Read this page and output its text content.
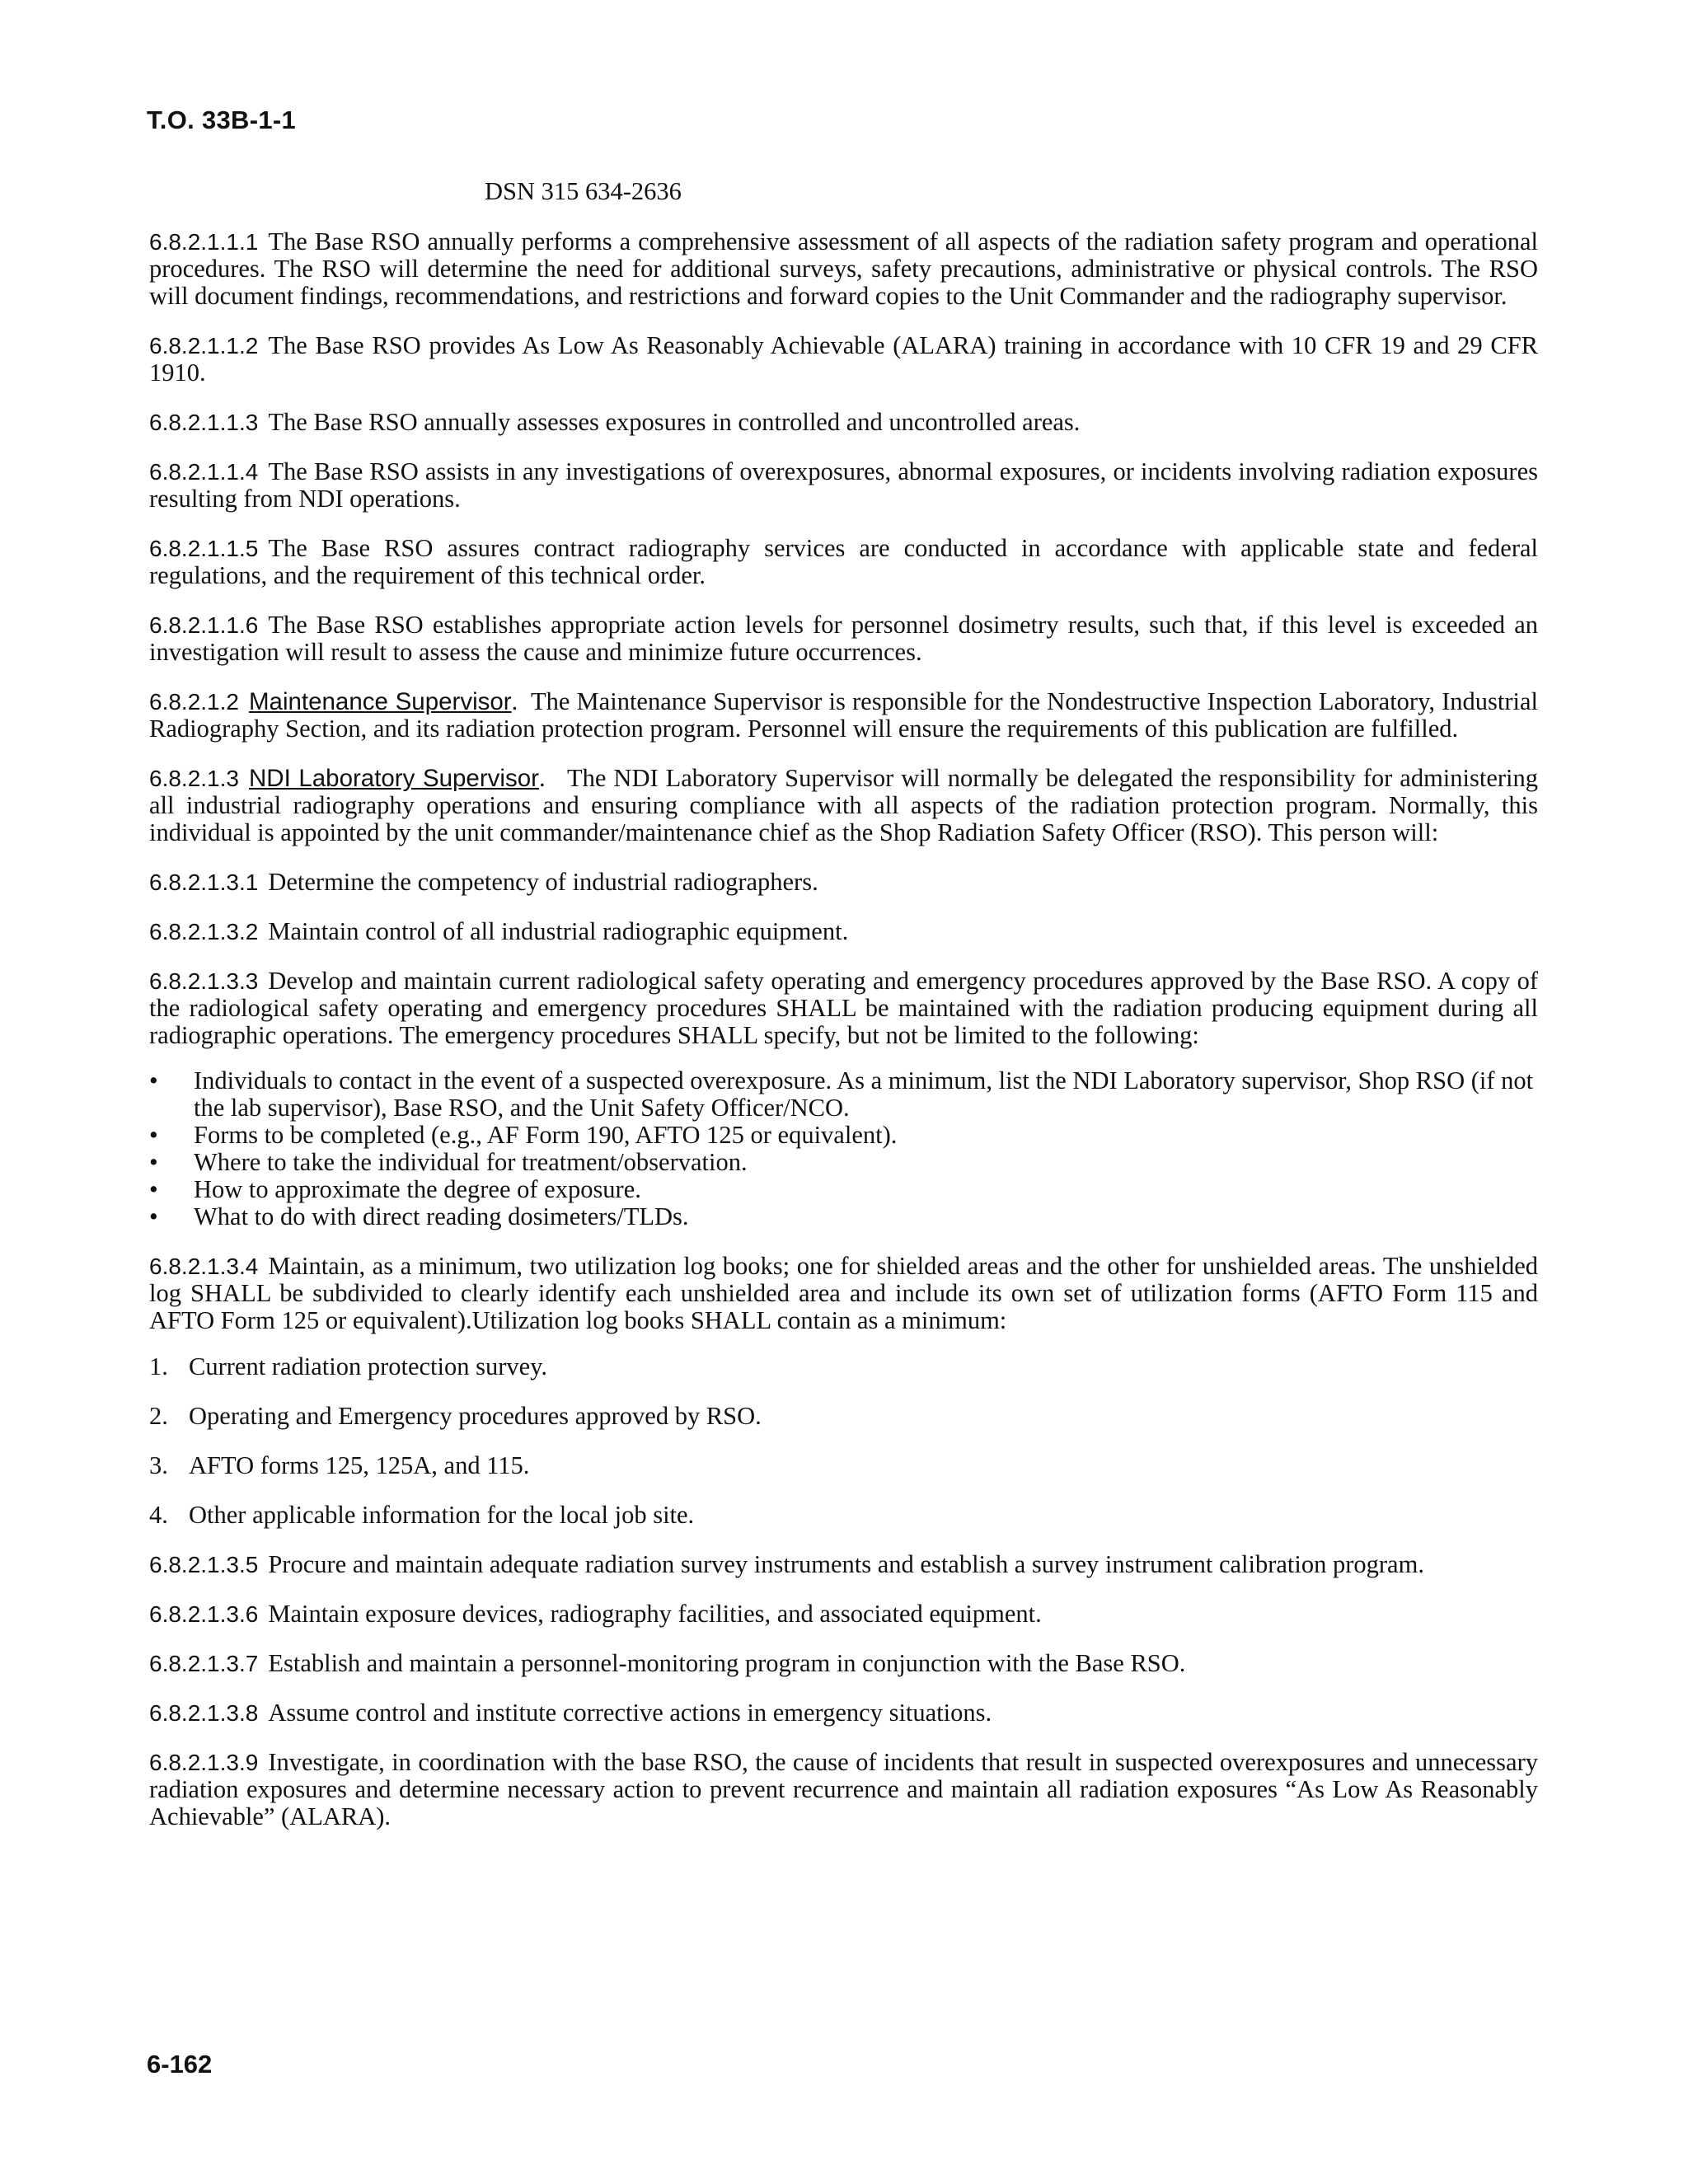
T.O. 33B-1-1
DSN 315 634-2636

6.8.2.1.1.1 The Base RSO annually performs a comprehensive assessment of all aspects of the radiation safety program and operational procedures. The RSO will determine the need for additional surveys, safety precautions, administrative or physical controls. The RSO will document findings, recommendations, and restrictions and forward copies to the Unit Commander and the radiography supervisor.

6.8.2.1.1.2 The Base RSO provides As Low As Reasonably Achievable (ALARA) training in accordance with 10 CFR 19 and 29 CFR 1910.

6.8.2.1.1.3 The Base RSO annually assesses exposures in controlled and uncontrolled areas.

6.8.2.1.1.4 The Base RSO assists in any investigations of overexposures, abnormal exposures, or incidents involving radiation exposures resulting from NDI operations.

6.8.2.1.1.5 The Base RSO assures contract radiography services are conducted in accordance with applicable state and federal regulations, and the requirement of this technical order.

6.8.2.1.1.6 The Base RSO establishes appropriate action levels for personnel dosimetry results, such that, if this level is exceeded an investigation will result to assess the cause and minimize future occurrences.

6.8.2.1.2 Maintenance Supervisor.  The Maintenance Supervisor is responsible for the Nondestructive Inspection Laboratory, Industrial Radiography Section, and its radiation protection program. Personnel will ensure the requirements of this publication are fulfilled.

6.8.2.1.3 NDI Laboratory Supervisor.   The NDI Laboratory Supervisor will normally be delegated the responsibility for administering all industrial radiography operations and ensuring compliance with all aspects of the radiation protection program. Normally, this individual is appointed by the unit commander/maintenance chief as the Shop Radiation Safety Officer (RSO). This person will:

6.8.2.1.3.1 Determine the competency of industrial radiographers.

6.8.2.1.3.2 Maintain control of all industrial radiographic equipment.

6.8.2.1.3.3 Develop and maintain current radiological safety operating and emergency procedures approved by the Base RSO. A copy of the radiological safety operating and emergency procedures SHALL be maintained with the radiation producing equipment during all radiographic operations. The emergency procedures SHALL specify, but not be limited to the following:

•	Individuals to contact in the event of a suspected overexposure. As a minimum, list the NDI Laboratory supervisor, Shop RSO (if not the lab supervisor), Base RSO, and the Unit Safety Officer/NCO.
•	Forms to be completed (e.g., AF Form 190, AFTO 125 or equivalent).
•	Where to take the individual for treatment/observation.
•	How to approximate the degree of exposure.
•	What to do with direct reading dosimeters/TLDs.

6.8.2.1.3.4 Maintain, as a minimum, two utilization log books; one for shielded areas and the other for unshielded areas. The unshielded log SHALL be subdivided to clearly identify each unshielded area and include its own set of utilization forms (AFTO Form 115 and AFTO Form 125 or equivalent).Utilization log books SHALL contain as a minimum:

1. Current radiation protection survey.
2. Operating and Emergency procedures approved by RSO.
3. AFTO forms 125, 125A, and 115.
4. Other applicable information for the local job site.

6.8.2.1.3.5 Procure and maintain adequate radiation survey instruments and establish a survey instrument calibration program.

6.8.2.1.3.6 Maintain exposure devices, radiography facilities, and associated equipment.

6.8.2.1.3.7 Establish and maintain a personnel-monitoring program in conjunction with the Base RSO.

6.8.2.1.3.8 Assume control and institute corrective actions in emergency situations.

6.8.2.1.3.9 Investigate, in coordination with the base RSO, the cause of incidents that result in suspected overexposures and unnecessary radiation exposures and determine necessary action to prevent recurrence and maintain all radiation exposures “As Low As Reasonably Achievable” (ALARA).

6-162
